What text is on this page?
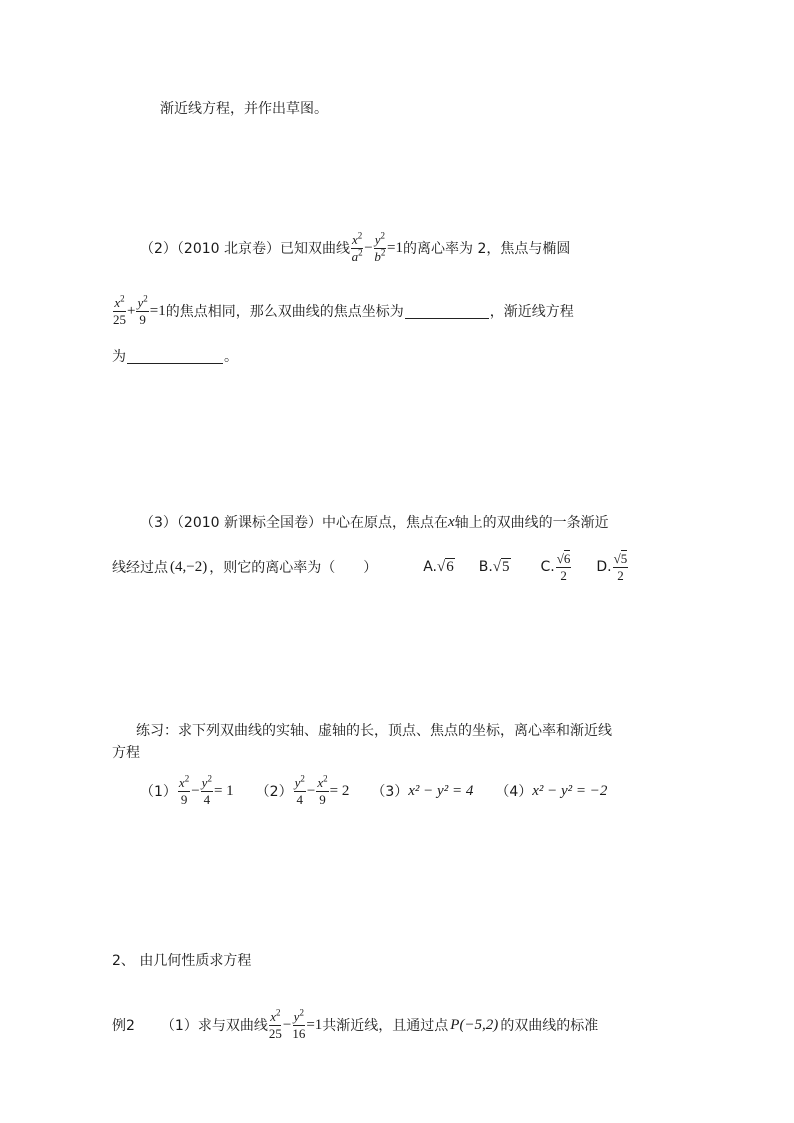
渐近线方程，并作出草图。
（2）（2010 北京卷）已知双曲线 $\frac{x^2}{a^2} - \frac{y^2}{b^2} =1$ 的离心率为 2，焦点与椭圆
$\frac{x^2}{25} + \frac{y^2}{9} =1$ 的焦点相同，那么双曲线的焦点坐标为	，渐近线方程
为	。
（3）（2010 新课标全国卷）中心在原点，焦点在 x 轴上的双曲线的一条渐近
线经过点 (4,−2) ，则它的离心率为（　　）	A. √6 B. √5 C. $\frac{√6}{2} D$. $\frac{√5}{2}$
练习：求下列双曲线的实轴、虚轴的长，顶点、焦点的坐标，离心率和渐近线
方程
$(1) \frac{x^2}{9} - \frac{y^2}{4} = 1$ $(2) \frac{y^2}{4} - \frac{x^2}{9} = 2$ （3） x² − y² = 4 （4） x² − y² = −2
2、 由几何性质求方程
例2 （1）求与双曲线 $\frac{x^2}{25} - \frac{y^2}{16} =1$ 共渐近线，且通过点 P(−5,2) 的双曲线的标准
